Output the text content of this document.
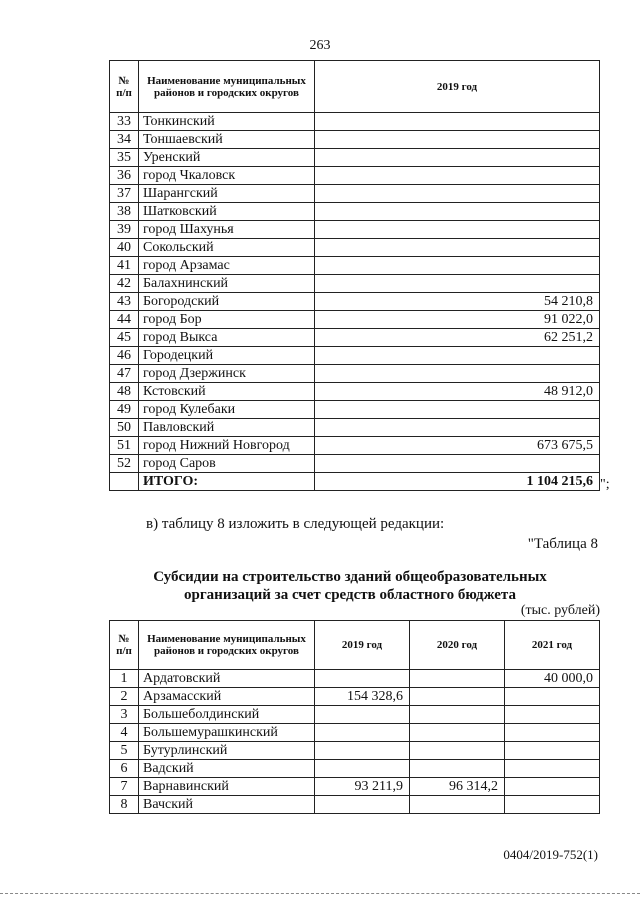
263
№ п/п	Наименование муниципальных районов и городских округов	2019 год
33	Тонкинский	
34	Тоншаевский	
35	Уренский	
36	город Чкаловск	
37	Шарангский	
38	Шатковский	
39	город Шахунья	
40	Сокольский	
41	город Арзамас	
42	Балахнинский	
43	Богородский	54 210,8
44	город Бор	91 022,0
45	город Выкса	62 251,2
46	Городецкий	
47	город Дзержинск	
48	Кстовский	48 912,0
49	город Кулебаки	
50	Павловский	
51	город Нижний Новгород	673 675,5
52	город Саров	
	ИТОГО:	1 104 215,6 ";
в) таблицу 8 изложить в следующей редакции:
"Таблица 8
Субсидии на строительство зданий общеобразовательных
организаций за счет средств областного бюджета
(тыс. рублей)
№ п/п	Наименование муниципальных районов и городских округов	2019 год	2020 год	2021 год
1	Ардатовский			40 000,0
2	Арзамасский	154 328,6		
3	Большеболдинский			
4	Большемурашкинский			
5	Бутурлинский			
6	Вадский			
7	Варнавинский	93 211,9	96 314,2	
8	Вачский			
0404/2019-752(1)
